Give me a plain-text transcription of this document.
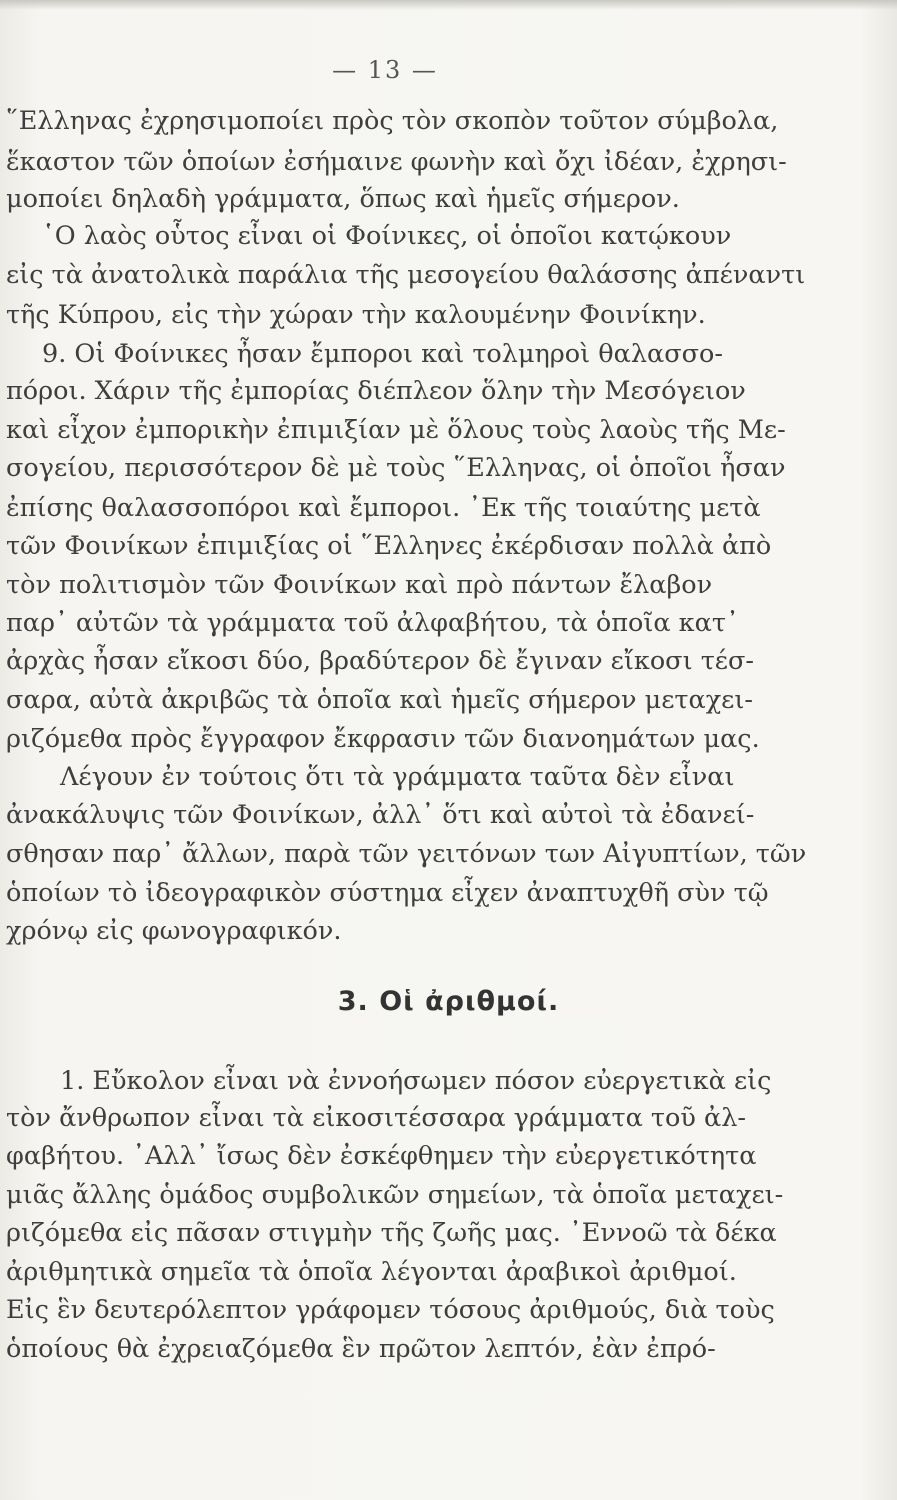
— 13 —
῞Ελληνας ἐχρησιμοποίει πρὸς τὸν σκοπὸν τοῦτον σύμβολα,
ἕκαστον τῶν ὁποίων ἐσήμαινε φωνὴν καὶ ὄχι ἰδέαν, ἐχρησι-
μοποίει δηλαδὴ γράμματα, ὅπως καὶ ἡμεῖς σήμερον.
῾Ο λαὸς οὗτος εἶναι οἱ Φοίνικες, οἱ ὁποῖοι κατῴκουν
εἰς τὰ ἀνατολικὰ παράλια τῆς μεσογείου θαλάσσης ἀπέναντι
τῆς Κύπρου, εἰς τὴν χώραν τὴν καλουμένην Φοινίκην.
9. Οἱ Φοίνικες ἦσαν ἔμποροι καὶ τολμηροὶ θαλασσο-
πόροι. Χάριν τῆς ἐμπορίας διέπλεον ὅλην τὴν Μεσόγειον
καὶ εἶχον ἐμπορικὴν ἐπιμιξίαν μὲ ὅλους τοὺς λαοὺς τῆς Με-
σογείου, περισσότερον δὲ μὲ τοὺς ῞Ελληνας, οἱ ὁποῖοι ἦσαν
ἐπίσης θαλασσοπόροι καὶ ἔμποροι. ᾿Εκ τῆς τοιαύτης μετὰ
τῶν Φοινίκων ἐπιμιξίας οἱ ῞Ελληνες ἐκέρδισαν πολλὰ ἀπὸ
τὸν πολιτισμὸν τῶν Φοινίκων καὶ πρὸ πάντων ἔλαβον
παρ᾿ αὐτῶν τὰ γράμματα τοῦ ἀλφαβήτου, τὰ ὁποῖα κατ᾿
ἀρχὰς ἦσαν εἴκοσι δύο, βραδύτερον δὲ ἔγιναν εἴκοσι τέσ-
σαρα, αὐτὰ ἀκριβῶς τὰ ὁποῖα καὶ ἡμεῖς σήμερον μεταχει-
ριζόμεθα πρὸς ἔγγραφον ἔκφρασιν τῶν διανοημάτων μας.
Λέγουν ἐν τούτοις ὅτι τὰ γράμματα ταῦτα δὲν εἶναι
ἀνακάλυψις τῶν Φοινίκων, ἀλλ᾿ ὅτι καὶ αὐτοὶ τὰ ἐδανεί-
σθησαν παρ᾿ ἄλλων, παρὰ τῶν γειτόνων των Αἰγυπτίων, τῶν
ὁποίων τὸ ἰδεογραφικὸν σύστημα εἶχεν ἀναπτυχθῆ σὺν τῷ
χρόνῳ εἰς φωνογραφικόν.
3. Οἱ ἀριθμοί.
1. Εὔκολον εἶναι νὰ ἐννοήσωμεν πόσον εὐεργετικὰ εἰς
τὸν ἄνθρωπον εἶναι τὰ εἰκοσιτέσσαρα γράμματα τοῦ ἀλ-
φαβήτου. ᾿Αλλ᾿ ἴσως δὲν ἐσκέφθημεν τὴν εὐεργετικότητα
μιᾶς ἄλλης ὁμάδος συμβολικῶν σημείων, τὰ ὁποῖα μεταχει-
ριζόμεθα εἰς πᾶσαν στιγμὴν τῆς ζωῆς μας. ᾿Εννοῶ τὰ δέκα
ἀριθμητικὰ σημεῖα τὰ ὁποῖα λέγονται ἀραβικοὶ ἀριθμοί.
Εἰς ἓν δευτερόλεπτον γράφομεν τόσους ἀριθμούς, διὰ τοὺς
ὁποίους θὰ ἐχρειαζόμεθα ἓν πρῶτον λεπτόν, ἐὰν ἐπρό-
